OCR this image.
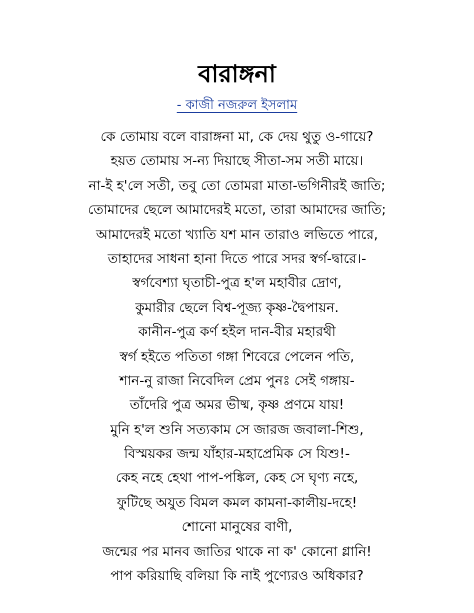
বারাঙ্গনা
- কাজী নজরুল ইসলাম
কে তোমায় বলে বারাঙ্গনা মা, কে দেয় থুতু ও-গায়ে?
হয়ত তোমায় স-ন্য দিয়াছে সীতা-সম সতী মায়ে।
না-ই হ'লে সতী, তবু তো তোমরা মাতা-ভগিনীরই জাতি;
তোমাদের ছেলে আমাদেরই মতো, তারা আমাদের জাতি;
আমাদেরই মতো খ্যাতি যশ মান তারাও লভিতে পারে,
তাহাদের সাধনা হানা দিতে পারে সদর স্বর্গ-দ্বারে।-
স্বর্গবেশ্যা ঘৃতাচী-পুত্র হ'ল মহাবীর দ্রোণ,
কুমারীর ছেলে বিশ্ব-পূজ্য কৃষ্ণ-দ্বৈপায়ন.
কানীন-পুত্র কর্ণ হইল দান-বীর মহারথী
স্বর্গ হইতে পতিতা গঙ্গা শিবেরে পেলেন পতি,
শান-নু রাজা নিবেদিল প্রেম পুনঃ সেই গঙ্গায়-
তাঁদেরি পুত্র অমর ভীষ্ম, কৃষ্ণ প্রণমে যায়!
মুনি হ'ল শুনি সত্যকাম সে জারজ জবালা-শিশু,
বিস্ময়কর জন্ম যাঁহার-মহাপ্রেমিক সে যিশু!-
কেহ নহে হেথা পাপ-পঙ্কিল, কেহ সে ঘৃণ্য নহে,
ফুটিছে অযুত বিমল কমল কামনা-কালীয়-দহে!
শোনো মানুষের বাণী,
জন্মের পর মানব জাতির থাকে না ক' কোনো গ্লানি!
পাপ করিয়াছি বলিয়া কি নাই পুণ্যেরও অধিকার?
